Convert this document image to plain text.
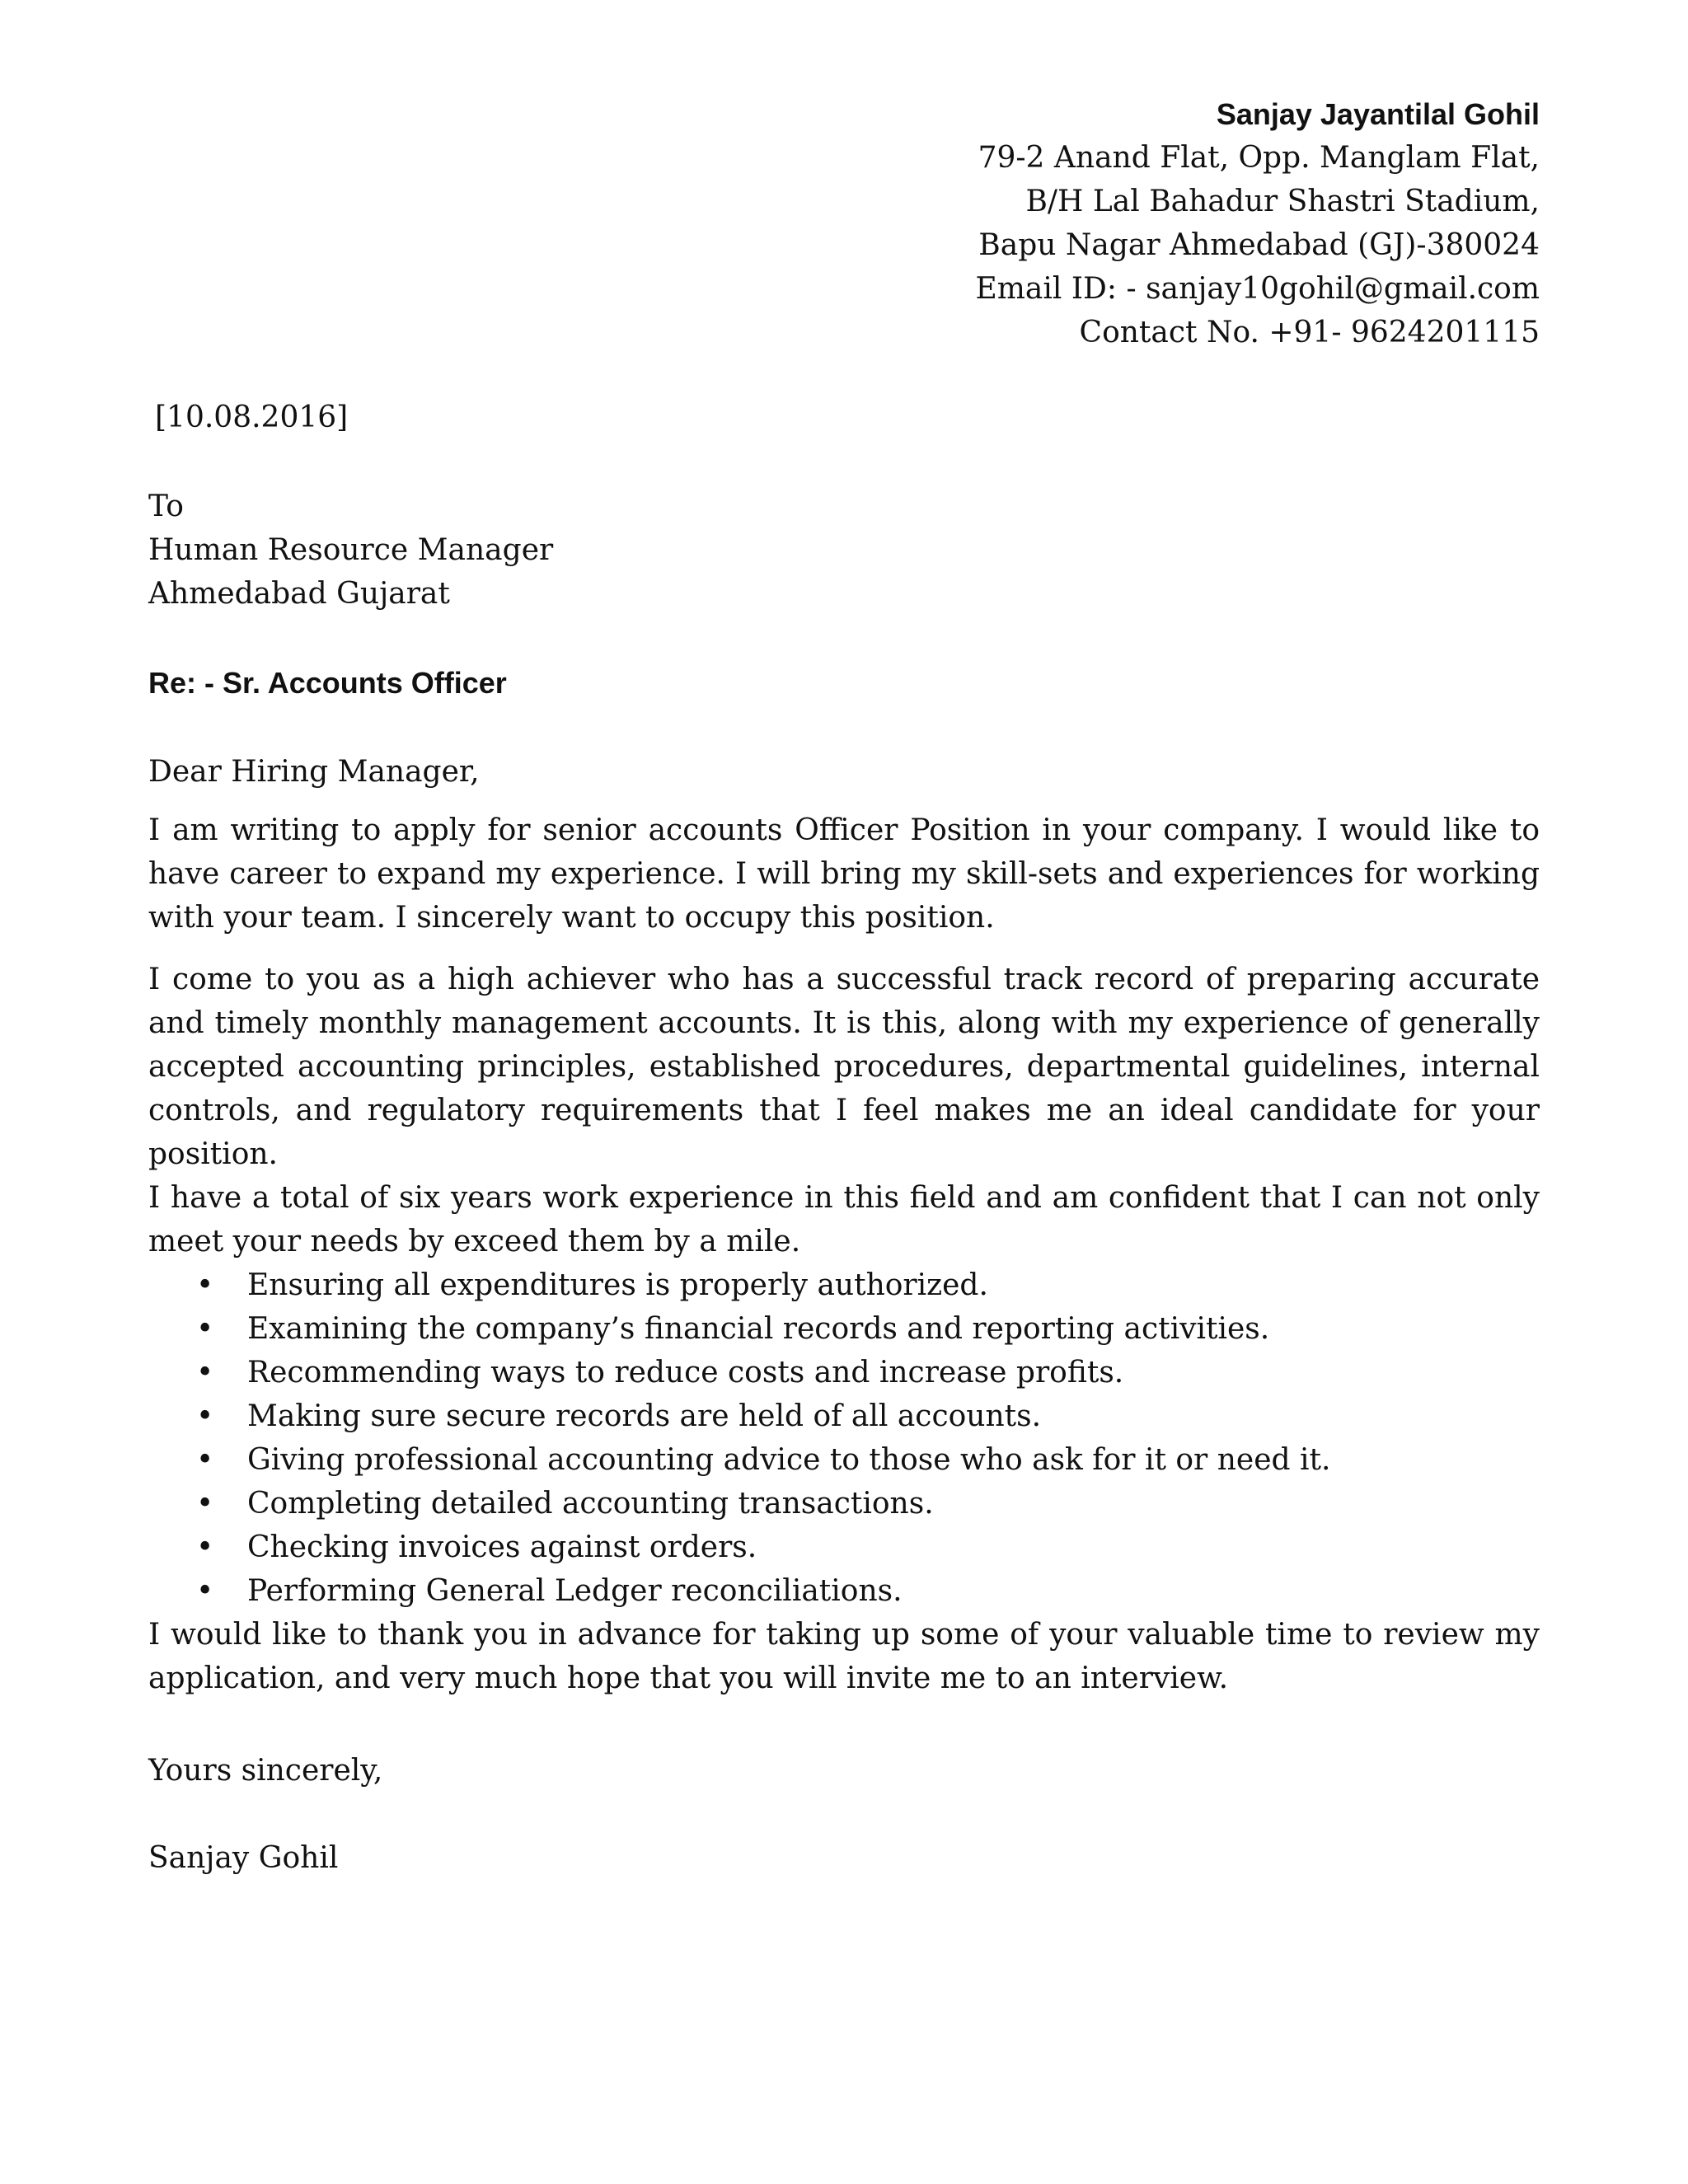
Sanjay Jayantilal Gohil
79-2 Anand Flat, Opp. Manglam Flat,
B/H Lal Bahadur Shastri Stadium,
Bapu Nagar Ahmedabad (GJ)-380024
Email ID: - sanjay10gohil@gmail.com
Contact No. +91- 9624201115
[10.08.2016]
To
Human Resource Manager
Ahmedabad Gujarat
Re: - Sr. Accounts Officer

Dear Hiring Manager,

I am writing to apply for senior accounts Officer Position in your company. I would like to have career to expand my experience. I will bring my skill-sets and experiences for working with your team. I sincerely want to occupy this position.

I come to you as a high achiever who has a successful track record of preparing accurate and timely monthly management accounts. It is this, along with my experience of generally accepted accounting principles, established procedures, departmental guidelines, internal controls, and regulatory requirements that I feel makes me an ideal candidate for your position.

I have a total of six years work experience in this field and am confident that I can not only meet your needs by exceed them by a mile.

• Ensuring all expenditures is properly authorized.
• Examining the company’s financial records and reporting activities.
• Recommending ways to reduce costs and increase profits.
• Making sure secure records are held of all accounts.
• Giving professional accounting advice to those who ask for it or need it.
• Completing detailed accounting transactions.
• Checking invoices against orders.
• Performing General Ledger reconciliations.

I would like to thank you in advance for taking up some of your valuable time to review my application, and very much hope that you will invite me to an interview.

Yours sincerely,
Sanjay Gohil
